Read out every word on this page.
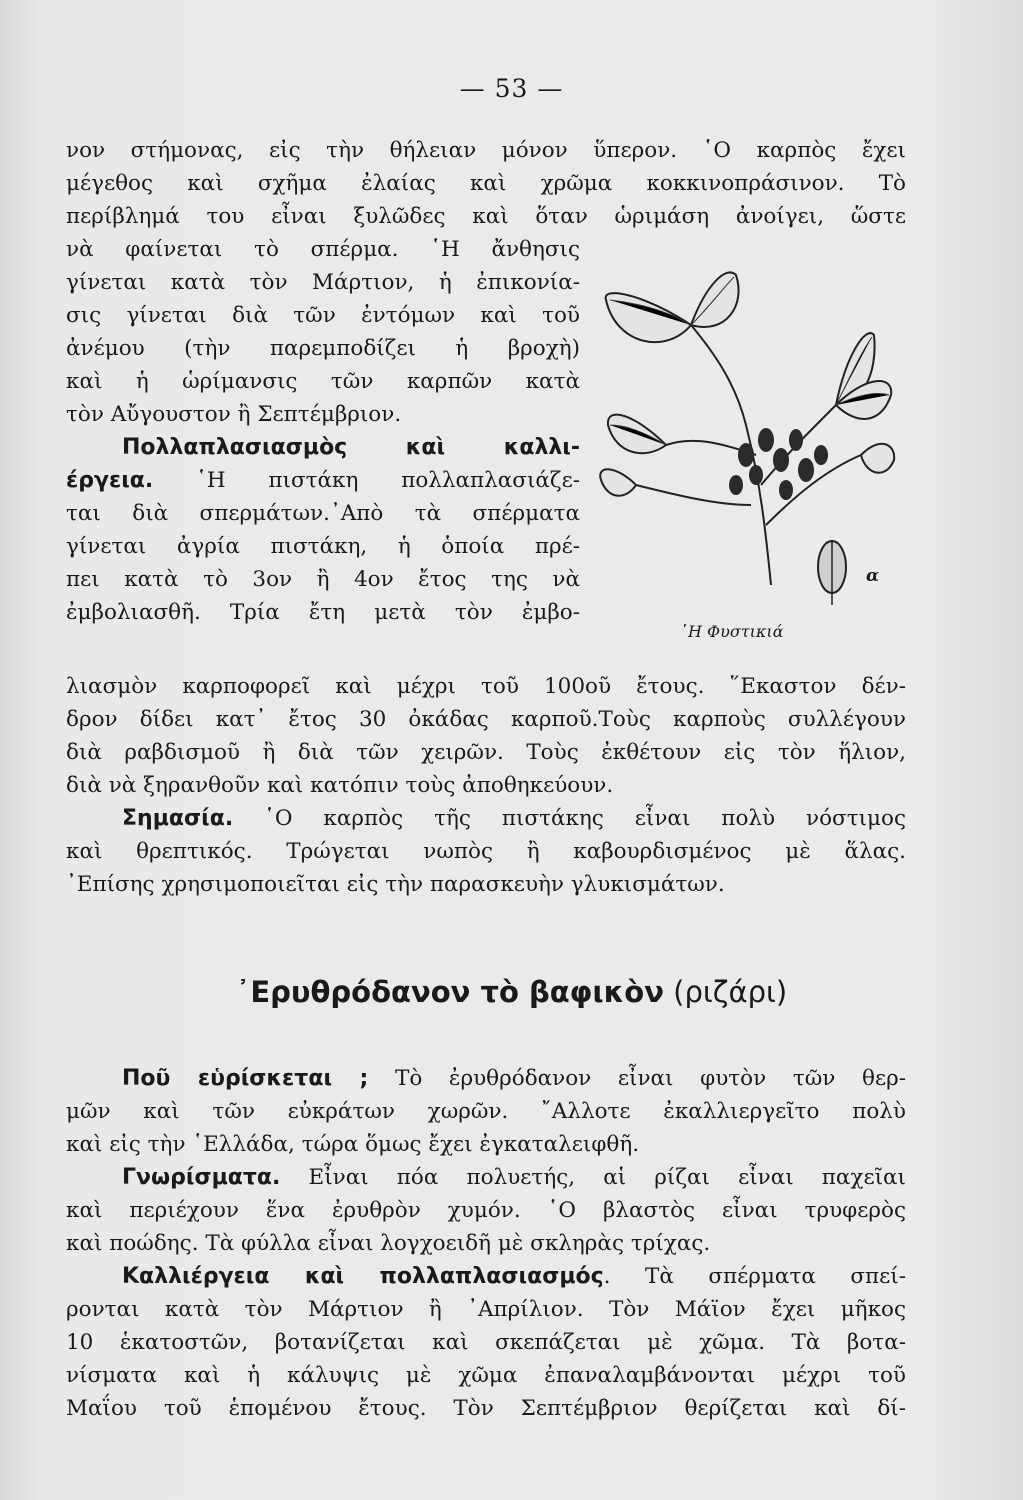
— 53 —
νον στήμονας, εἰς τὴν θήλειαν μόνον ὕπερον. ῾Ο καρπὸς ἔχει
μέγεθος καὶ σχῆμα ἐλαίας καὶ χρῶμα κοκκινοπράσινον. Τὸ
περίβλημά του εἶναι ξυλῶδες καὶ ὅταν ὡριμάση ἀνοίγει, ὥστε
νὰ φαίνεται τὸ σπέρμα. ῾Η ἄνθησις
γίνεται κατὰ τὸν Μάρτιον, ἡ ἐπικονία-
σις γίνεται διὰ τῶν ἐντόμων καὶ τοῦ
ἀνέμου (τὴν παρεμποδίζει ἡ βροχὴ)
καὶ ἡ ὡρίμανσις τῶν καρπῶν κατὰ
τὸν Αὔγουστον ἢ Σεπτέμβριον.
Πολλαπλασιασμὸς καὶ καλλι-
έργεια. ῾Η πιστάκη πολλαπλασιάζε-
ται διὰ σπερμάτων.᾿Απὸ τὰ σπέρματα
γίνεται ἀγρία πιστάκη, ἡ ὁποία πρέ-
πει κατὰ τὸ 3ον ἢ 4ον ἔτος της νὰ
ἐμβολιασθῆ. Τρία ἔτη μετὰ τὸν ἐμβο-
α
῾Η Φυστικιά
λιασμὸν καρποφορεῖ καὶ μέχρι τοῦ 100οῦ ἔτους. ῞Εκαστον δέν-
δρον δίδει κατ᾿ ἔτος 30 ὀκάδας καρποῦ.Τοὺς καρποὺς συλλέγουν
διὰ ραβδισμοῦ ἢ διὰ τῶν χειρῶν. Τοὺς ἐκθέτουν εἰς τὸν ἥλιον,
διὰ νὰ ξηρανθοῦν καὶ κατόπιν τοὺς ἀποθηκεύουν.
Σημασία. ῾Ο καρπὸς τῆς πιστάκης εἶναι πολὺ νόστιμος
καὶ θρεπτικός. Τρώγεται νωπὸς ἢ καβουρδισμένος μὲ ἅλας.
᾿Επίσης χρησιμοποιεῖται εἰς τὴν παρασκευὴν γλυκισμάτων.
᾿Ερυθρόδανον τὸ βαφικὸν (ριζάρι)
Ποῦ εὑρίσκεται ; Τὸ ἐρυθρόδανον εἶναι φυτὸν τῶν θερ-
μῶν καὶ τῶν εὐκράτων χωρῶν. ῎Αλλοτε ἐκαλλιεργεῖτο πολὺ
καὶ εἰς τὴν ῾Ελλάδα, τώρα ὅμως ἔχει ἐγκαταλειφθῆ.
Γνωρίσματα. Εἶναι πόα πολυετής, αἱ ρίζαι εἶναι παχεῖαι
καὶ περιέχουν ἕνα ἐρυθρὸν χυμόν. ῾Ο βλαστὸς εἶναι τρυφερὸς
καὶ ποώδης. Τὰ φύλλα εἶναι λογχοειδῆ μὲ σκληρὰς τρίχας.
Καλλιέργεια καὶ πολλαπλασιασμός. Τὰ σπέρματα σπεί-
ρονται κατὰ τὸν Μάρτιον ἢ ᾿Απρίλιον. Τὸν Μάϊον ἔχει μῆκος
10 ἑκατοστῶν, βοτανίζεται καὶ σκεπάζεται μὲ χῶμα. Τὰ βοτα-
νίσματα καὶ ἡ κάλυψις μὲ χῶμα ἐπαναλαμβάνονται μέχρι τοῦ
Μαΐου τοῦ ἑπομένου ἔτους. Τὸν Σεπτέμβριον θερίζεται καὶ δί-
